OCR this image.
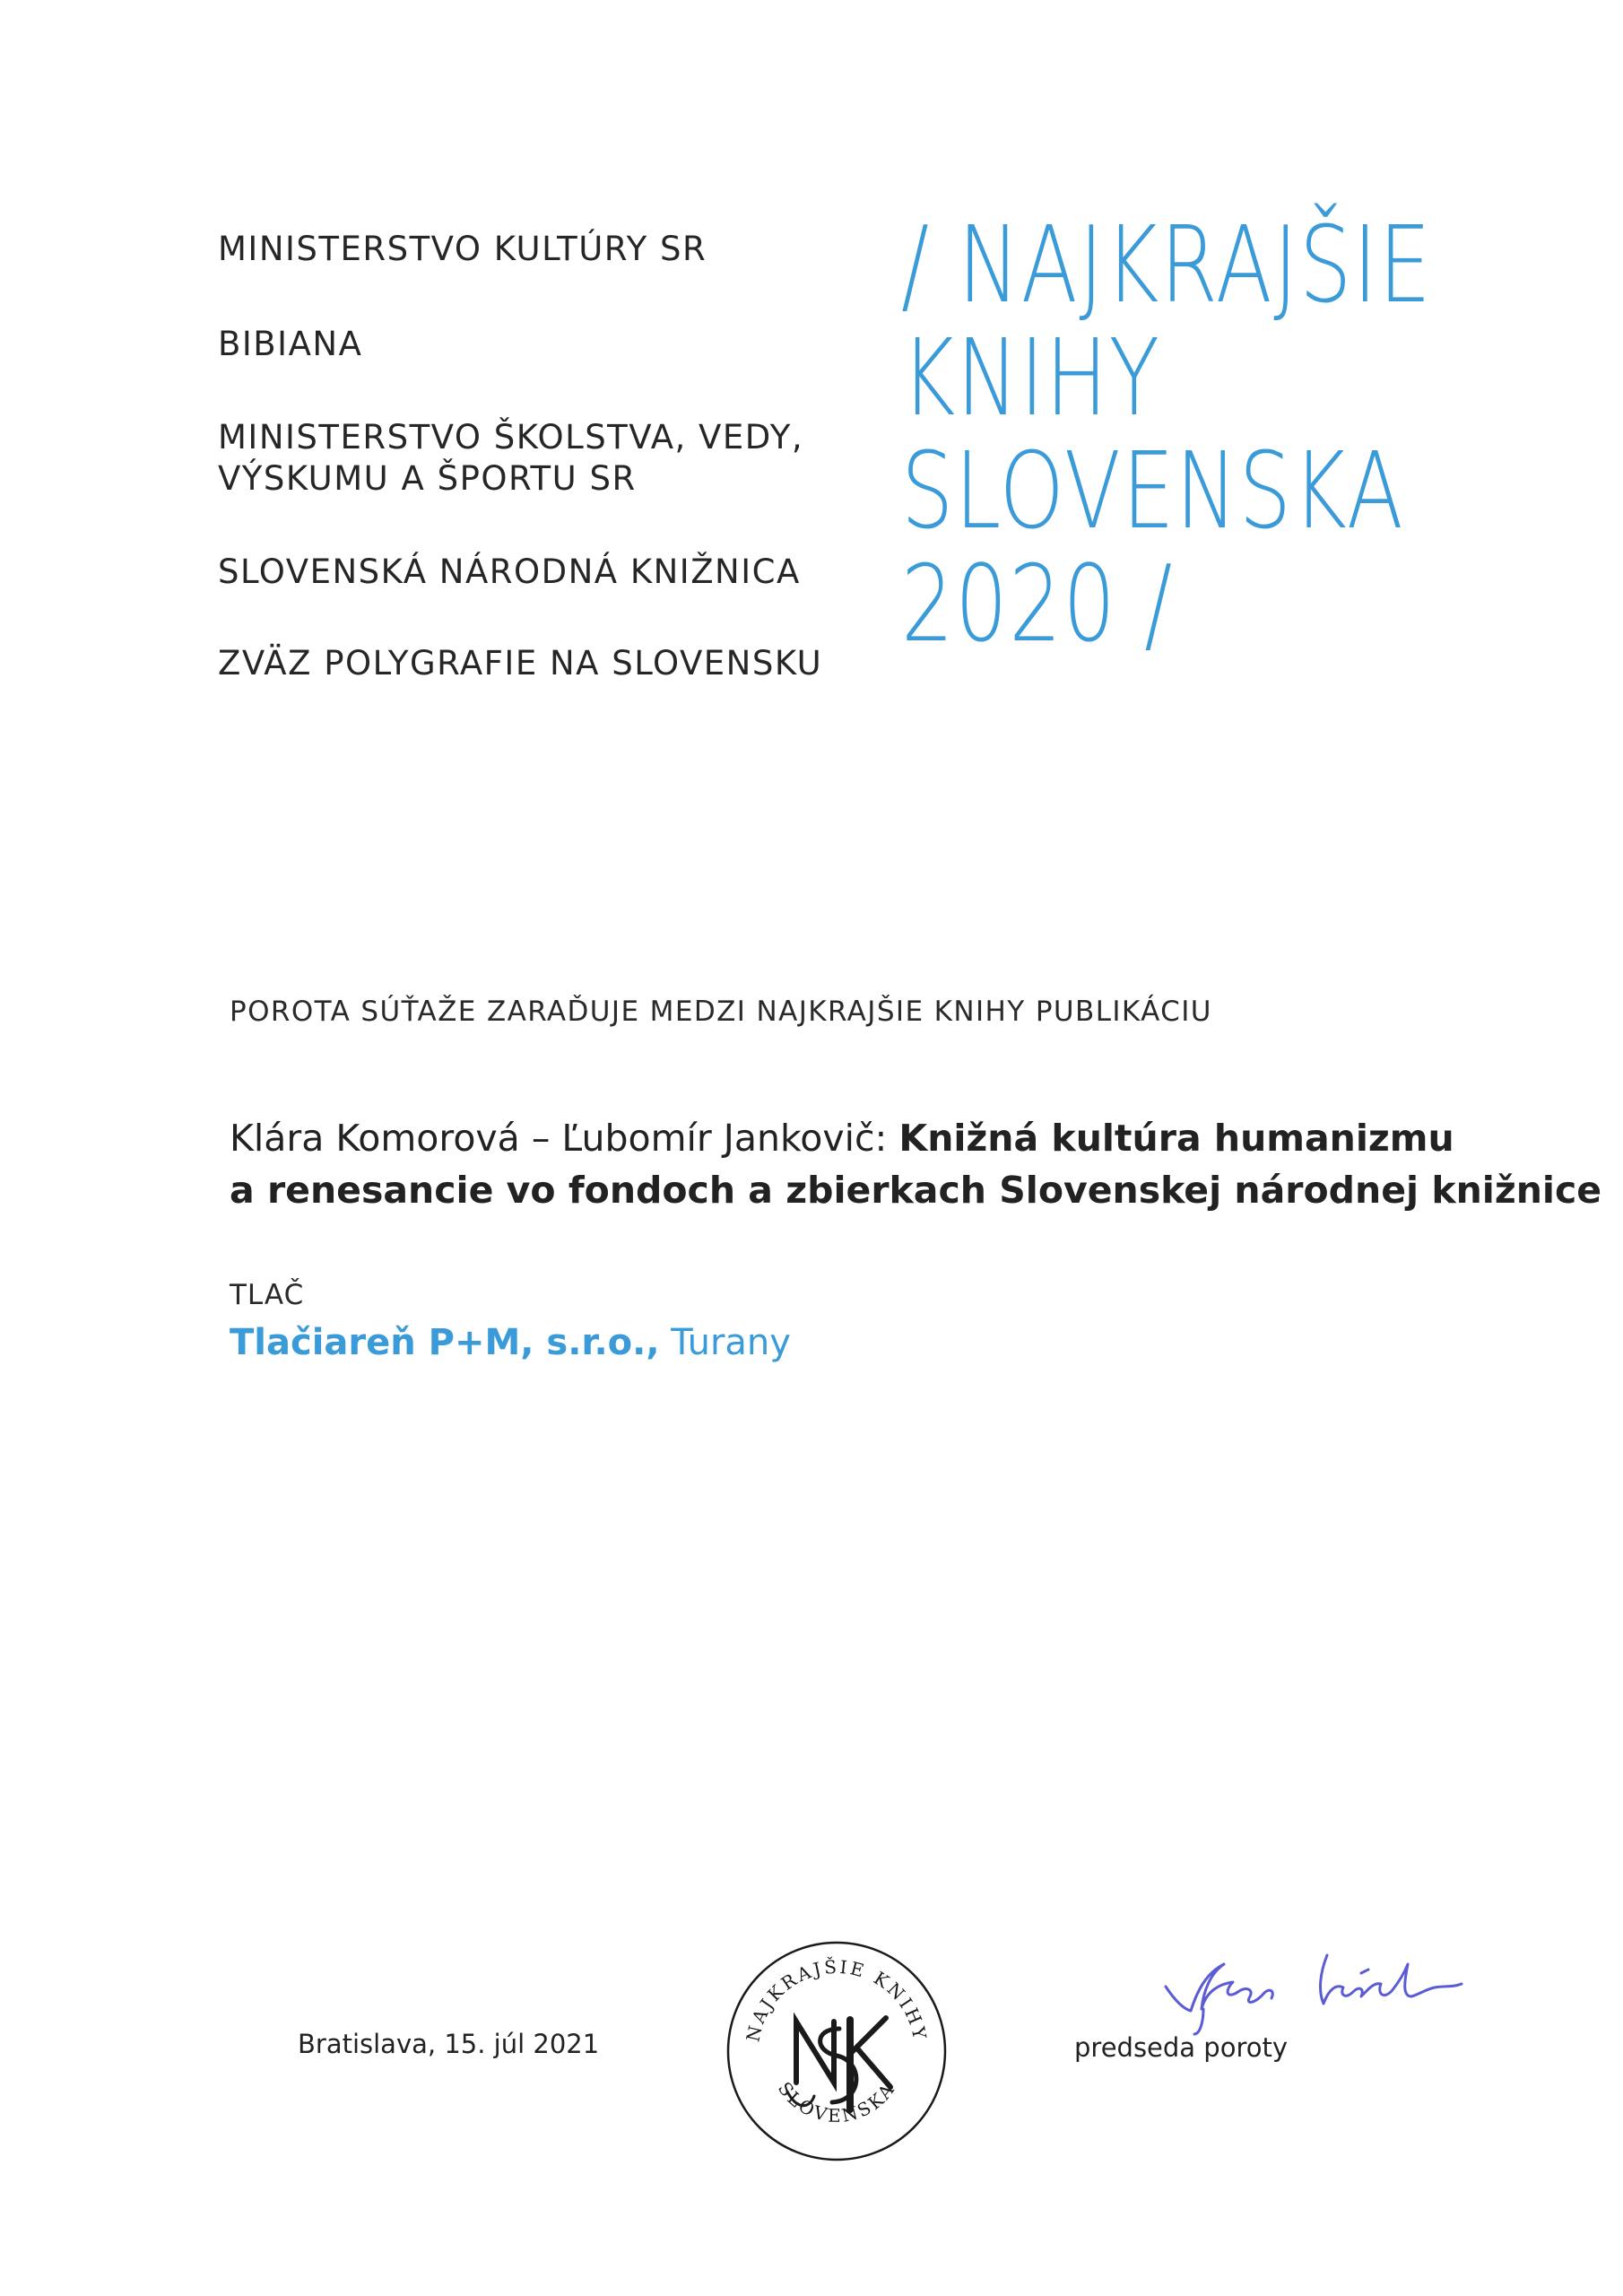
MINISTERSTVO KULTÚRY SR
BIBIANA
MINISTERSTVO ŠKOLSTVA, VEDY,
VÝSKUMU A ŠPORTU SR
SLOVENSKÁ NÁRODNÁ KNIŽNICA
ZVÄZ POLYGRAFIE NA SLOVENSKU
/ NAJKRAJŠIE
KNIHY
SLOVENSKA
2020 /
POROTA SÚŤAŽE ZARAĎUJE MEDZI NAJKRAJŠIE KNIHY PUBLIKÁCIU
Klára Komorová – Ľubomír Jankovič: Knižná kultúra humanizmu
a renesancie vo fondoch a zbierkach Slovenskej národnej knižnice
TLAČ
Tlačiareň P+M, s.r.o., Turany
Bratislava, 15. júl 2021	NAJKRAJŠIE KNIHY
SLOVENSKA
predseda poroty
